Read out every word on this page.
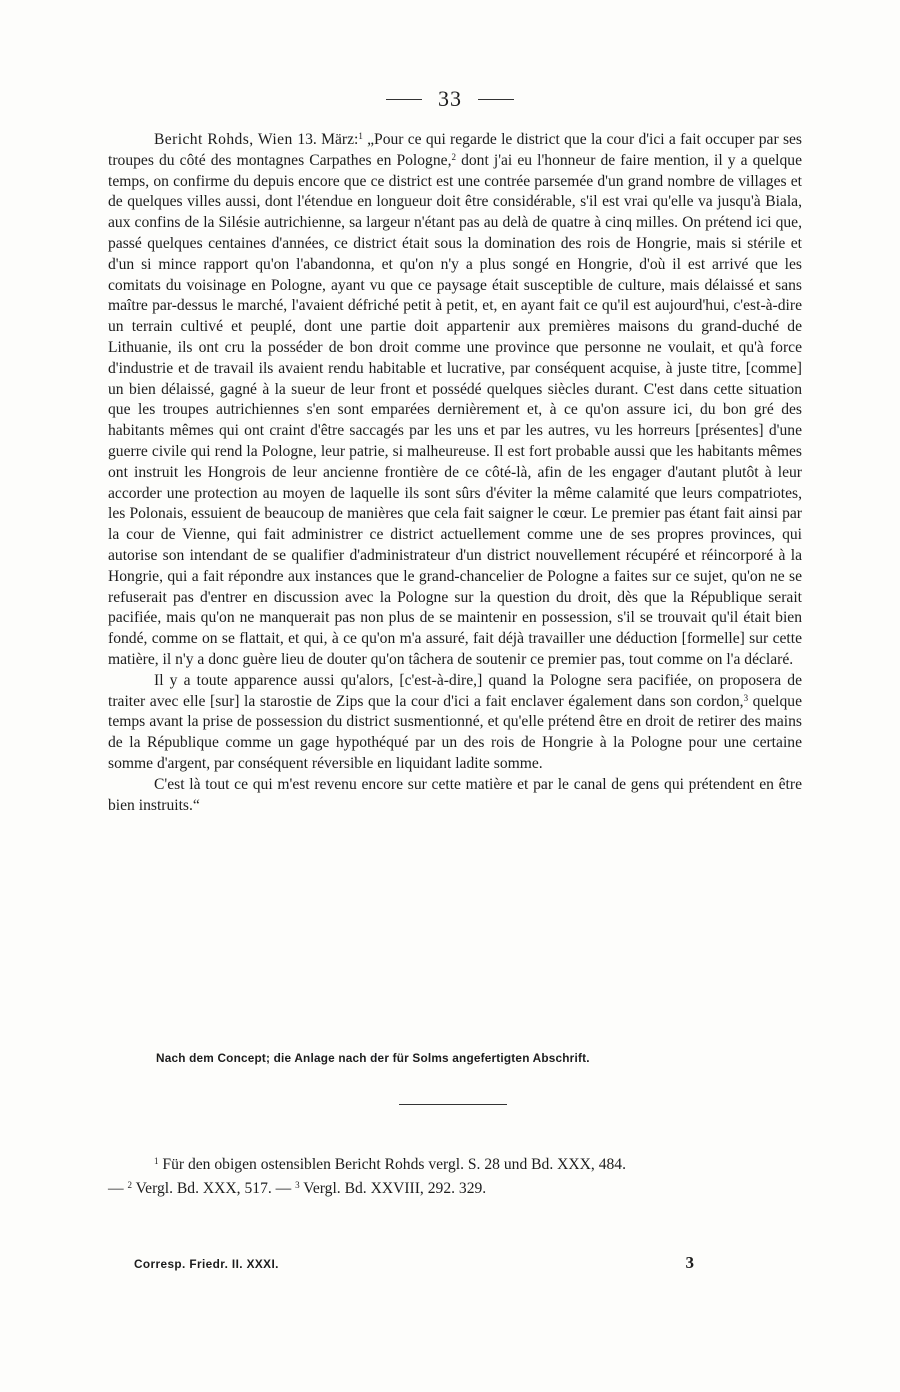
33

Bericht Rohds, Wien 13. März:$^1$ „Pour ce qui regarde le district que la cour d'ici a fait occuper par ses troupes du côté des montagnes Carpathes en Pologne,$^2$ dont j'ai eu l'honneur de faire mention, il y a quelque temps, on confirme du depuis encore que ce district est une contrée parsemée d'un grand nombre de villages et de quelques villes aussi, dont l'étendue en longueur doit être considérable, s'il est vrai qu'elle va jusqu'à Biala, aux confins de la Silésie autrichienne, sa largeur n'étant pas au delà de quatre à cinq milles. On prétend ici que, passé quelques centaines d'années, ce district était sous la domination des rois de Hongrie, mais si stérile et d'un si mince rapport qu'on l'abandonna, et qu'on n'y a plus songé en Hongrie, d'où il est arrivé que les comitats du voisinage en Pologne, ayant vu que ce paysage était susceptible de culture, mais délaissé et sans maître par-dessus le marché, l'avaient défriché petit à petit, et, en ayant fait ce qu'il est aujourd'hui, c'est-à-dire un terrain cultivé et peuplé, dont une partie doit appartenir aux premières maisons du grand-duché de Lithuanie, ils ont cru la posséder de bon droit comme une province que personne ne voulait, et qu'à force d'industrie et de travail ils avaient rendu habitable et lucrative, par conséquent acquise, à juste titre, [comme] un bien délaissé, gagné à la sueur de leur front et possédé quelques siècles durant. C'est dans cette situation que les troupes autrichiennes s'en sont emparées dernièrement et, à ce qu'on assure ici, du bon gré des habitants mêmes qui ont craint d'être saccagés par les uns et par les autres, vu les horreurs [présentes] d'une guerre civile qui rend la Pologne, leur patrie, si malheureuse. Il est fort probable aussi que les habitants mêmes ont instruit les Hongrois de leur ancienne frontière de ce côté-là, afin de les engager d'autant plutôt à leur accorder une protection au moyen de laquelle ils sont sûrs d'éviter la même calamité que leurs compatriotes, les Polonais, essuient de beaucoup de manières que cela fait saigner le cœur. Le premier pas étant fait ainsi par la cour de Vienne, qui fait administrer ce district actuellement comme une de ses propres provinces, qui autorise son intendant de se qualifier d'administrateur d'un district nouvellement récupéré et réincorporé à la Hongrie, qui a fait répondre aux instances que le grand-chancelier de Pologne a faites sur ce sujet, qu'on ne se refuserait pas d'entrer en discussion avec la Pologne sur la question du droit, dès que la République serait pacifiée, mais qu'on ne manquerait pas non plus de se maintenir en possession, s'il se trouvait qu'il était bien fondé, comme on se flattait, et qui, à ce qu'on m'a assuré, fait déjà travailler une déduction [formelle] sur cette matière, il n'y a donc guère lieu de douter qu'on tâchera de soutenir ce premier pas, tout comme on l'a déclaré.

Il y a toute apparence aussi qu'alors, [c'est-à-dire,] quand la Pologne sera pacifiée, on proposera de traiter avec elle [sur] la starostie de Zips que la cour d'ici a fait enclaver également dans son cordon,$^3$ quelque temps avant la prise de possession du district susmentionné, et qu'elle prétend être en droit de retirer des mains de la République comme un gage hypothéqué par un des rois de Hongrie à la Pologne pour une certaine somme d'argent, par conséquent réversible en liquidant ladite somme.

C'est là tout ce qui m'est revenu encore sur cette matière et par le canal de gens qui prétendent en être bien instruits.“

Nach dem Concept; die Anlage nach der für Solms angefertigten Abschrift.
$^1$ Für den obigen ostensiblen Bericht Rohds vergl. S. 28 und Bd. XXX, 484.
— $^2$ Vergl. Bd. XXX, 517. — $^3$ Vergl. Bd. XXVIII, 292. 329.
Corresp. Friedr. II. XXXI.	3
